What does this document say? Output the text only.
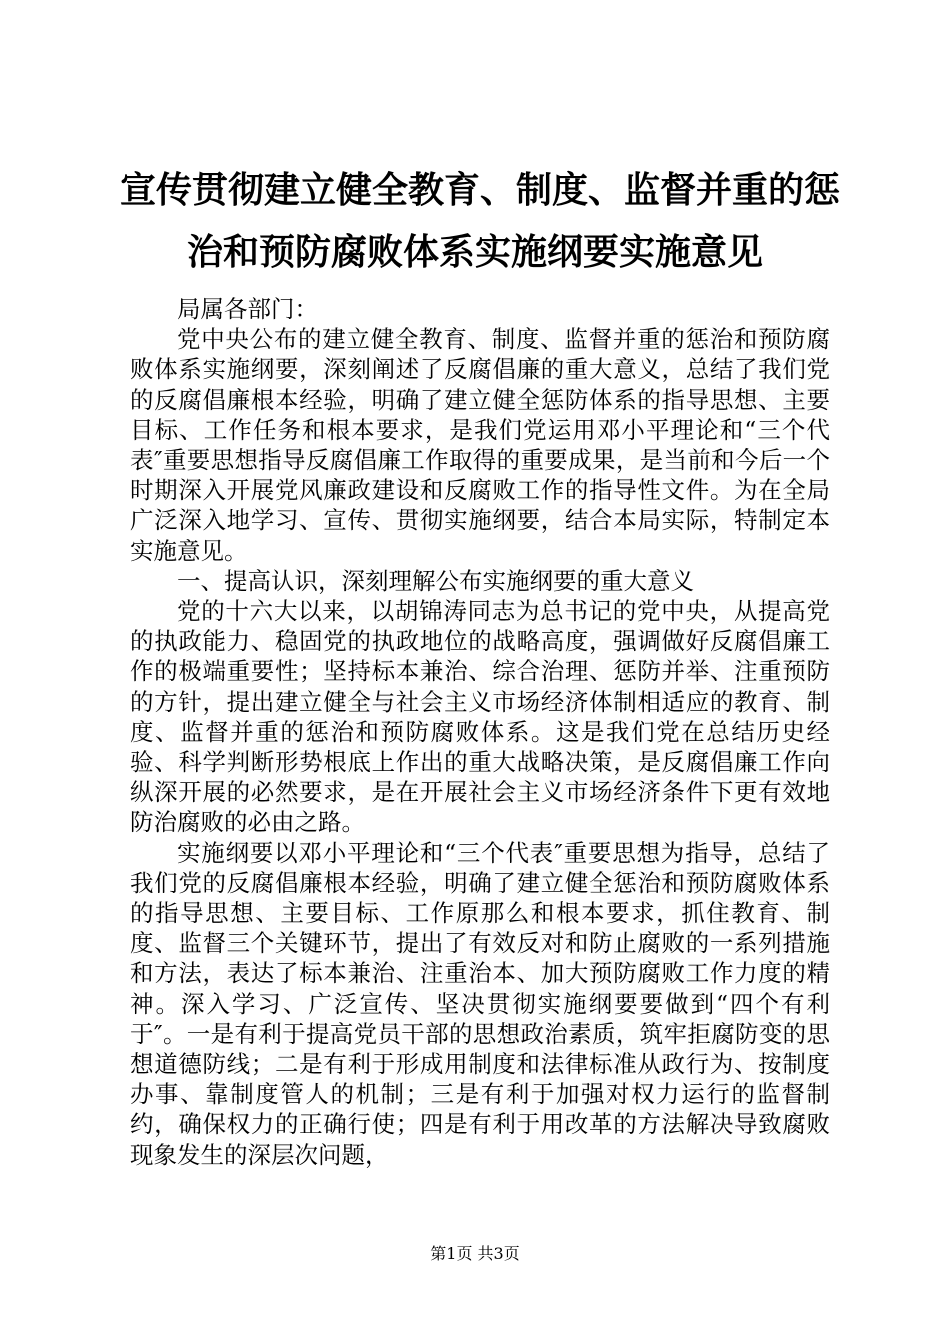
宣传贯彻建立健全教育、制度、监督并重的惩
治和预防腐败体系实施纲要实施意见

局属各部门：

党中央公布的建立健全教育、制度、监督并重的惩治和预防腐败体系实施纲要，深刻阐述了反腐倡廉的重大意义，总结了我们党的反腐倡廉根本经验，明确了建立健全惩防体系的指导思想、主要目标、工作任务和根本要求，是我们党运用邓小平理论和“三个代表″重要思想指导反腐倡廉工作取得的重要成果，是当前和今后一个时期深入开展党风廉政建设和反腐败工作的指导性文件。为在全局广泛深入地学习、宣传、贯彻实施纲要，结合本局实际，特制定本实施意见。

一、提高认识，深刻理解公布实施纲要的重大意义

党的十六大以来，以胡锦涛同志为总书记的党中央，从提高党的执政能力、稳固党的执政地位的战略高度，强调做好反腐倡廉工作的极端重要性；坚持标本兼治、综合治理、惩防并举、注重预防的方针，提出建立健全与社会主义市场经济体制相适应的教育、制度、监督并重的惩治和预防腐败体系。这是我们党在总结历史经验、科学判断形势根底上作出的重大战略决策，是反腐倡廉工作向纵深开展的必然要求，是在开展社会主义市场经济条件下更有效地防治腐败的必由之路。

实施纲要以邓小平理论和“三个代表″重要思想为指导，总结了我们党的反腐倡廉根本经验，明确了建立健全惩治和预防腐败体系的指导思想、主要目标、工作原那么和根本要求，抓住教育、制度、监督三个关键环节，提出了有效反对和防止腐败的一系列措施和方法，表达了标本兼治、注重治本、加大预防腐败工作力度的精神。深入学习、广泛宣传、坚决贯彻实施纲要要做到“四个有利于″。一是有利于提高党员干部的思想政治素质，筑牢拒腐防变的思想道德防线；二是有利于形成用制度和法律标准从政行为、按制度办事、靠制度管人的机制；三是有利于加强对权力运行的监督制约，确保权力的正确行使；四是有利于用改革的方法解决导致腐败现象发生的深层次问题，

第1页 共3页
